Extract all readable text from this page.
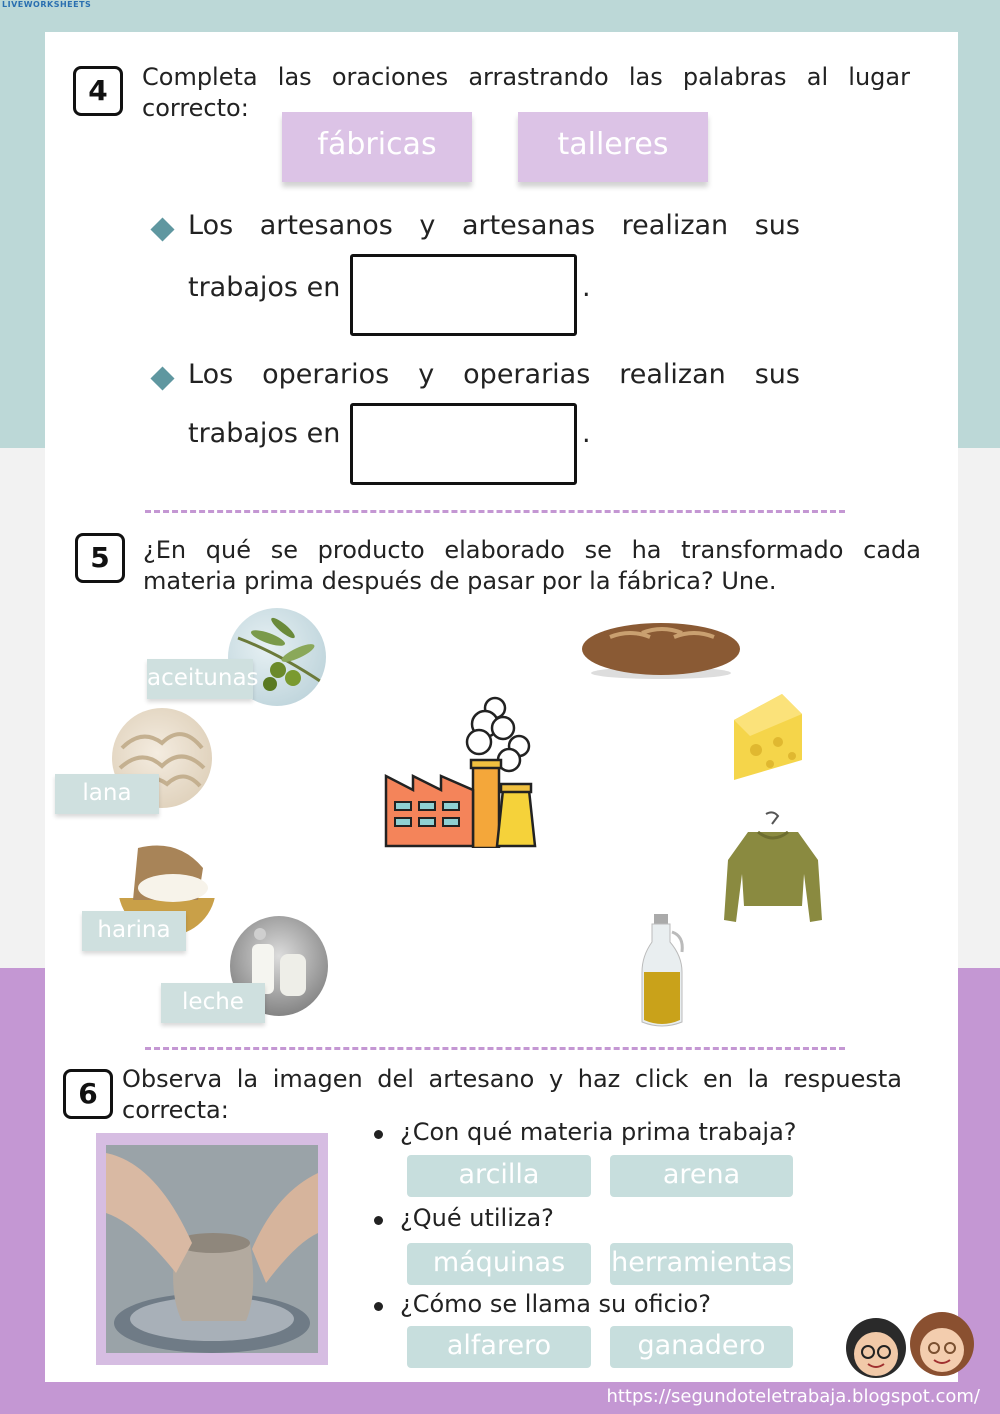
LIVEWORKSHEETS
4	Completa las oraciones arrastrando las palabras al lugar correcto:
fábricas	talleres
Los artesanos y artesanas realizan sus
trabajos en	.
Los operarios y operarias realizan sus
trabajos en	.
5	¿En qué se producto elaborado se ha transformado cada materia prima después de pasar por la fábrica? Une.
aceitunas
lana
harina
leche
6	Observa la imagen del artesano y haz click en la respuesta correcta:
¿Con qué materia prima trabaja?
arcilla	arena
¿Qué utiliza?
máquinas	herramientas
¿Cómo se llama su oficio?
alfarero	ganadero
https://segundoteletrabaja.blogspot.com/
